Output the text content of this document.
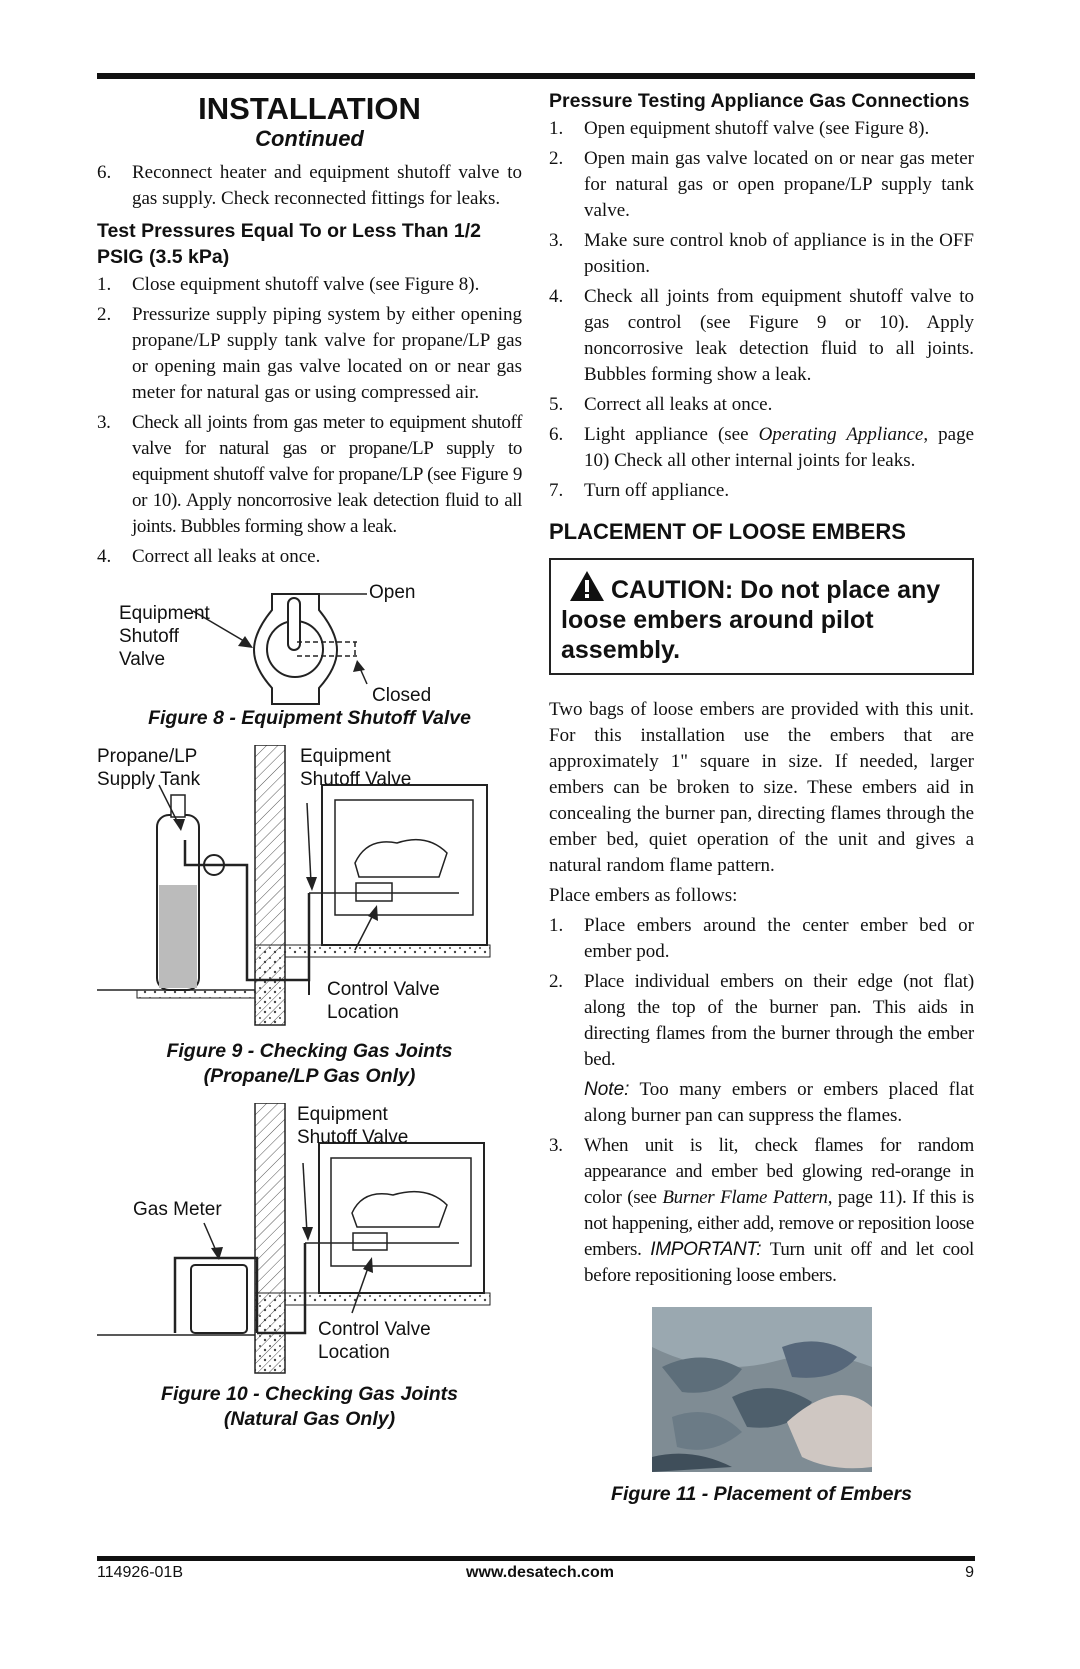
INSTALLATION
Continued
6. Reconnect heater and equipment shutoff valve to gas supply. Check reconnected fittings for leaks.
Test Pressures Equal To or Less Than 1/2 PSIG (3.5 kPa)
1. Close equipment shutoff valve (see Figure 8).
2. Pressurize supply piping system by either opening propane/LP supply tank valve for propane/LP gas or opening main gas valve located on or near gas meter for natural gas or using compressed air.
3. Check all joints from gas meter to equipment shutoff valve for natural gas or propane/LP supply to equipment shutoff valve for propane/LP (see Figure 9 or 10). Apply noncorrosive leak detection fluid to all joints. Bubbles forming show a leak.
4. Correct all leaks at once.
Equipment Shutoff Valve
Open
Closed
Figure 8 - Equipment Shutoff Valve
Propane/LP Supply Tank
Equipment Shutoff Valve
Control Valve Location
Figure 9 - Checking Gas Joints
(Propane/LP Gas Only)
Equipment Shutoff Valve
Gas Meter
Control Valve Location
Figure 10 - Checking Gas Joints
(Natural Gas Only)
Pressure Testing Appliance Gas Connections
1. Open equipment shutoff valve (see Figure 8).
2. Open main gas valve located on or near gas meter for natural gas or open propane/LP supply tank valve.
3. Make sure control knob of appliance is in the OFF position.
4. Check all joints from equipment shutoff valve to gas control (see Figure 9 or 10). Apply noncorrosive leak detection fluid to all joints. Bubbles forming show a leak.
5. Correct all leaks at once.
6. Light appliance (see Operating Appliance, page 10) Check all other internal joints for leaks.
7. Turn off appliance.
PLACEMENT OF LOOSE EMBERS
CAUTION: Do not place any loose embers around pilot assembly.

Two bags of loose embers are provided with this unit. For this installation use the embers that are approximately 1" square in size. If needed, larger embers can be broken to size. These embers aid in concealing the burner pan, directing flames through the ember bed, quiet operation of the unit and gives a natural random flame pattern.

Place embers as follows:

1. Place embers around the center ember bed or ember pod.
2. Place individual embers on their edge (not flat) along the top of the burner pan. This aids in directing flames from the burner through the ember bed.

Note: Too many embers or embers placed flat along burner pan can suppress the flames.

3. When unit is lit, check flames for random appearance and ember bed glowing red-orange in color (see Burner Flame Pattern, page 11). If this is not happening, either add, remove or reposition loose embers. IMPORTANT: Turn unit off and let cool before repositioning loose embers.
Figure 11 - Placement of Embers
114926-01B	www.desatech.com	9
